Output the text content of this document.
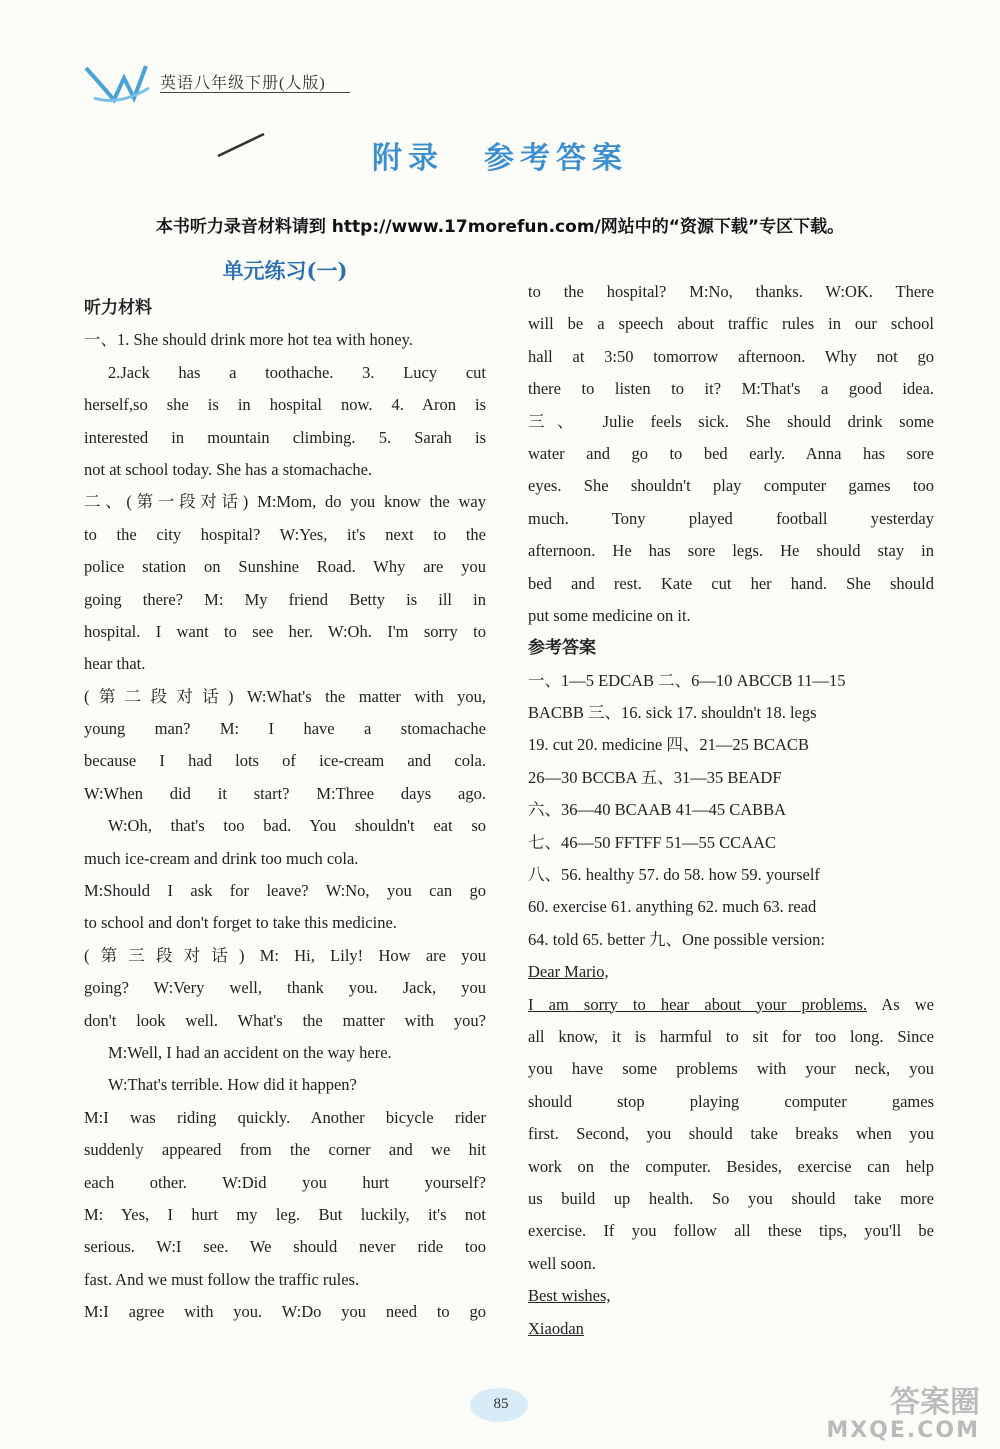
英语八年级下册(人版)
附录 参考答案
本书听力录音材料请到 http://www.17morefun.com/网站中的“资源下载”专区下载。
单元练习(一)
听力材料
一、1. She should drink more hot tea with honey.
2.Jack has a toothache. 3. Lucy cut
herself,so she is in hospital now. 4. Aron is
interested in mountain climbing. 5. Sarah is
not at school today. She has a stomachache.
二、(第一段对话) M:Mom, do you know the way
to the city hospital? W:Yes, it's next to the
police station on Sunshine Road. Why are you
going there? M: My friend Betty is ill in
hospital. I want to see her. W:Oh. I'm sorry to
hear that.
(第二段对话) W:What's the matter with you,
young man? M: I have a stomachache
because I had lots of ice-cream and cola.
W:When did it start? M:Three days ago.
W:Oh, that's too bad. You shouldn't eat so
much ice-cream and drink too much cola.
M:Should I ask for leave? W:No, you can go
to school and don't forget to take this medicine.
(第三段对话) M: Hi, Lily! How are you
going? W:Very well, thank you. Jack, you
don't look well. What's the matter with you?
M:Well, I had an accident on the way here.
W:That's terrible. How did it happen?
M:I was riding quickly. Another bicycle rider
suddenly appeared from the corner and we hit
each other. W:Did you hurt yourself?
M: Yes, I hurt my leg. But luckily, it's not
serious. W:I see. We should never ride too
fast. And we must follow the traffic rules.
M:I agree with you. W:Do you need to go
to the hospital? M:No, thanks. W:OK. There
will be a speech about traffic rules in our school
hall at 3:50 tomorrow afternoon. Why not go
there to listen to it? M:That's a good idea.
三、 Julie feels sick. She should drink some
water and go to bed early. Anna has sore
eyes. She shouldn't play computer games too
much. Tony played football yesterday
afternoon. He has sore legs. He should stay in
bed and rest. Kate cut her hand. She should
put some medicine on it.
参考答案
一、1—5 EDCAB 二、6—10 ABCCB 11—15
BACBB 三、16. sick 17. shouldn't 18. legs
19. cut 20. medicine 四、21—25 BCACB
26—30 BCCBA 五、31—35 BEADF
六、36—40 BCAAB 41—45 CABBA
七、46—50 FFTFF 51—55 CCAAC
八、56. healthy 57. do 58. how 59. yourself
60. exercise 61. anything 62. much 63. read
64. told 65. better 九、One possible version:
Dear Mario,
I am sorry to hear about your problems. As we
all know, it is harmful to sit for too long. Since
you have some problems with your neck, you
should stop playing computer games
first. Second, you should take breaks when you
work on the computer. Besides, exercise can help
us build up health. So you should take more
exercise. If you follow all these tips, you'll be
well soon.
Best wishes,
Xiaodan
85	答案圈
MXQE.COM
